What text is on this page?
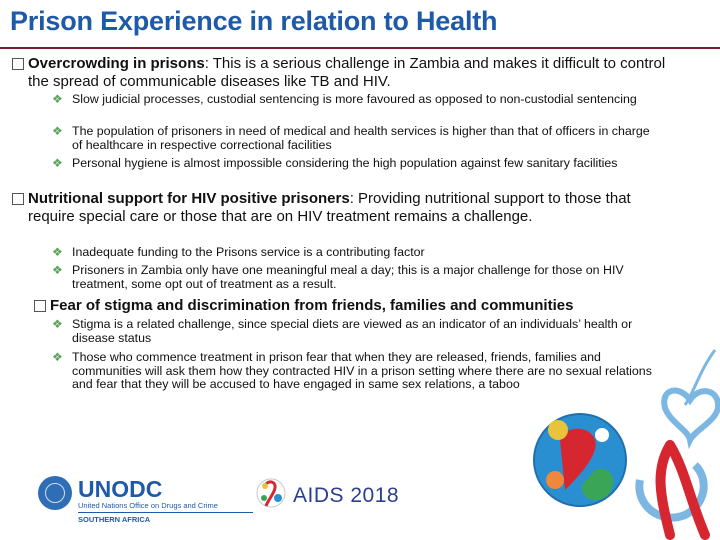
Prison Experience in relation to Health
Overcrowding in prisons: This is a serious challenge in Zambia and makes it difficult to control the spread of communicable diseases like TB and HIV.
❖ Slow judicial processes, custodial sentencing is more favoured as opposed to non-custodial sentencing
❖ The population of prisoners in need of medical and health services is higher than that of officers in charge of healthcare in respective correctional facilities
❖ Personal hygiene is almost impossible considering the high population against few sanitary facilities
Nutritional support for HIV positive prisoners: Providing nutritional support to those that require special care or those that are on HIV treatment remains a challenge.
❖ Inadequate funding to the Prisons service is a contributing factor
❖ Prisoners in Zambia only have one meaningful meal a day; this is a major challenge for those on HIV treatment, some opt out of treatment as a result.
Fear of stigma and discrimination from friends, families and communities
❖ Stigma is a related challenge, since special diets are viewed as an indicator of an individuals’ health or disease status
❖ Those who commence treatment in prison fear that when they are released, friends, families and communities will ask them how they contracted HIV in a prison setting where there are no sexual relations and fear that they will be accused to have engaged in same sex relations, a taboo
UNODC
United Nations Office on Drugs and Crime
SOUTHERN AFRICA
AIDS 2018
